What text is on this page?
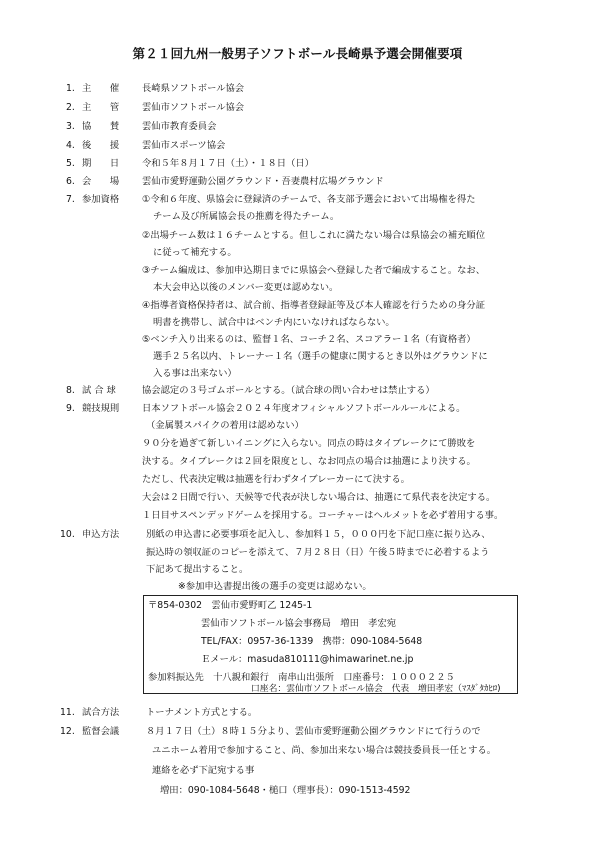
第２１回九州一般男子ソフトボール長崎県予選会開催要項
1. 主　　催 長崎県ソフトボール協会
2. 主　　管 雲仙市ソフトボール協会
3. 協　　賛 雲仙市教育委員会
4. 後　　援 雲仙市スポーツ協会
5. 期　　日 令和５年８月１７日（土）・１８日（日）
6. 会　　場 雲仙市愛野運動公園グラウンド・吾妻農村広場グラウンド
7. 参加資格 ①令和６年度、県協会に登録済のチームで、各支部予選会において出場権を得た
チーム及び所属協会長の推薦を得たチーム。
②出場チーム数は１６チームとする。但しこれに満たない場合は県協会の補充順位
に従って補充する。
③チーム編成は、参加申込期日までに県協会へ登録した者で編成すること。なお、
本大会申込以後のメンバー変更は認めない。
④指導者資格保持者は、試合前、指導者登録証等及び本人確認を行うための身分証
明書を携帯し、試合中はベンチ内にいなければならない。
⑤ベンチ入り出来るのは、監督１名、コーチ２名、スコアラー１名（有資格者）
選手２５名以内、トレーナー１名（選手の健康に関するとき以外はグラウンドに
入る事は出来ない）
8. 試 合 球	協会認定の３号ゴムボールとする。（試合球の問い合わせは禁止する）
9. 競技規則 日本ソフトボール協会２０２４年度オフィシャルソフトボールルールによる。
（金属製スパイクの着用は認めない）
９０分を過ぎて新しいイニングに入らない。同点の時はタイブレークにて勝敗を
決する。タイブレークは２回を限度とし、なお同点の場合は抽選により決する。
ただし、代表決定戦は抽選を行わずタイブレーカーにて決する。
大会は２日間で行い、天候等で代表が決しない場合は、抽選にて県代表を決定する。
１日目サスペンデッドゲームを採用する。コーチャーはヘルメットを必ず着用する事。
10. 申込方法	別紙の申込書に必要事項を記入し、参加料１５，０００円を下記口座に振り込み、
振込時の領収証のコピーを添えて、７月２８日（日）午後５時までに必着するよう
下記あて提出すること。
※参加申込書提出後の選手の変更は認めない。
〒854-0302　雲仙市愛野町乙 1245-1
雲仙市ソフトボール協会事務局　増田　孝宏宛
TEL/FAX：0957-36-1339　携帯：090-1084-5648
Ｅメール：masuda810111@himawarinet.ne.jp
参加料振込先　十八親和銀行　南串山出張所　口座番号：１０００２２５
口座名：雲仙市ソフトボール協会　代表　増田孝宏（ﾏｽﾀﾞﾀｶﾋﾛ)
11. 試合方法	トーナメント方式とする。
12. 監督会議	８月１７日（土）８時１５分より、雲仙市愛野運動公園グラウンドにて行うので
ユニホーム着用で参加すること、尚、参加出来ない場合は競技委員長一任とする。
連絡を必ず下記宛する事
増田：090-1084-5648・槌口（理事長）：090-1513-4592
